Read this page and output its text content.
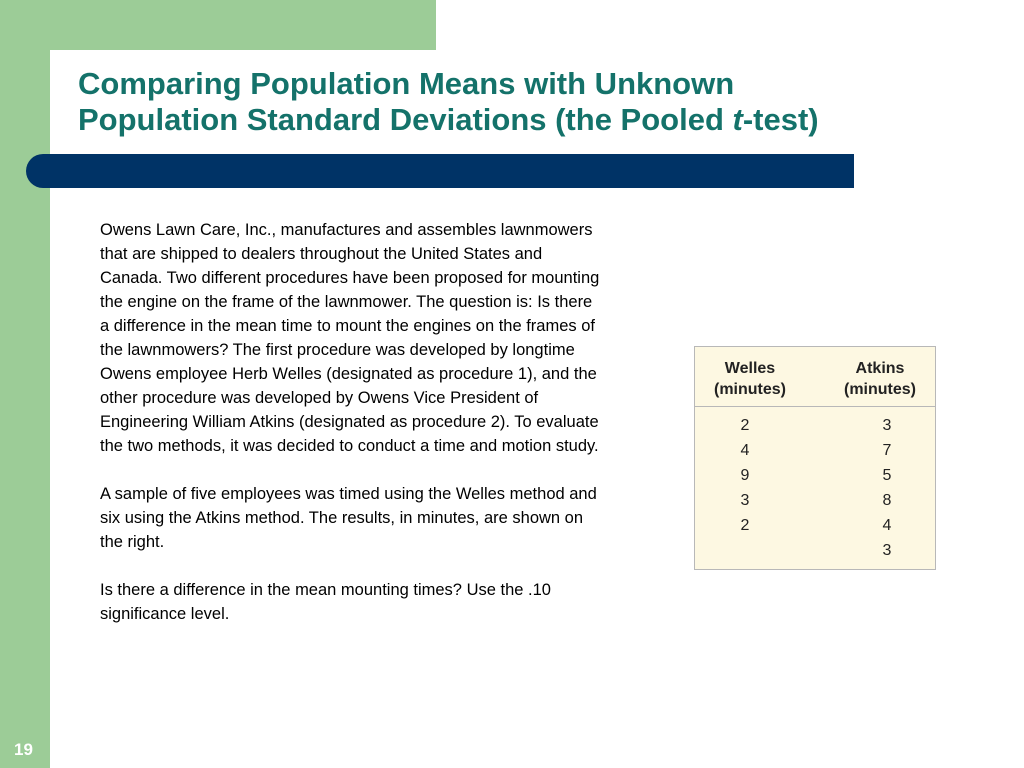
Comparing Population Means with Unknown
Population Standard Deviations (the Pooled t-test)

Owens Lawn Care, Inc., manufactures and assembles lawnmowers that are shipped to dealers throughout the United States and Canada. Two different procedures have been proposed for mounting the engine on the frame of the lawnmower. The question is: Is there a difference in the mean time to mount the engines on the frames of the lawnmowers? The first procedure was developed by longtime Owens employee Herb Welles (designated as procedure 1), and the other procedure was developed by Owens Vice President of Engineering William Atkins (designated as procedure 2). To evaluate the two methods, it was decided to conduct a time and motion study.

A sample of five employees was timed using the Welles method and six using the Atkins method. The results, in minutes, are shown on the right.

Is there a difference in the mean mounting times? Use the .10 significance level.

Welles
(minutes)
Atkins
(minutes)
2
4
9
3
2
3
7
5
8
4
3
19
